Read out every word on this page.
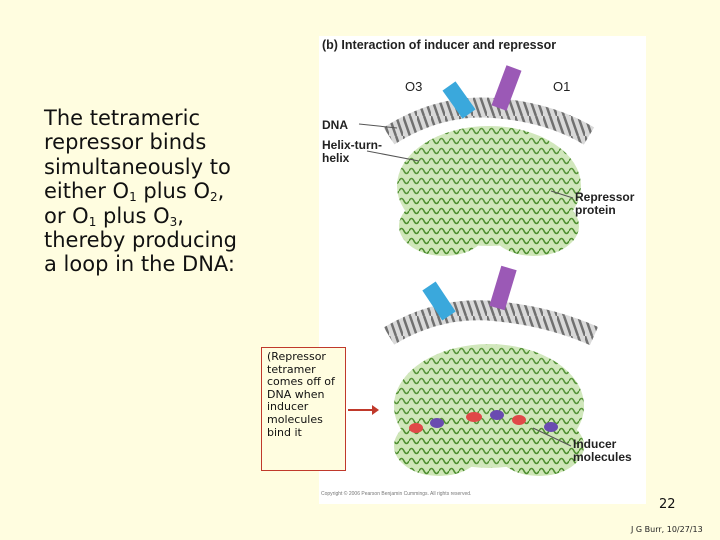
The tetrameric
repressor binds
simultaneously to
either $O_1$ plus $O_2$,
or $O_1$ plus $O_3$,
thereby producing
a loop in the DNA:
(b) Interaction of inducer and repressor
O3	O1
DNA
Helix-turn-helix
Repressor protein
Inducer molecules
Copyright © 2006 Pearson Benjamin Cummings. All rights reserved.
(Repressor tetramer comes off of DNA when inducer molecules bind it
22
J G Burr, 10/27/13
